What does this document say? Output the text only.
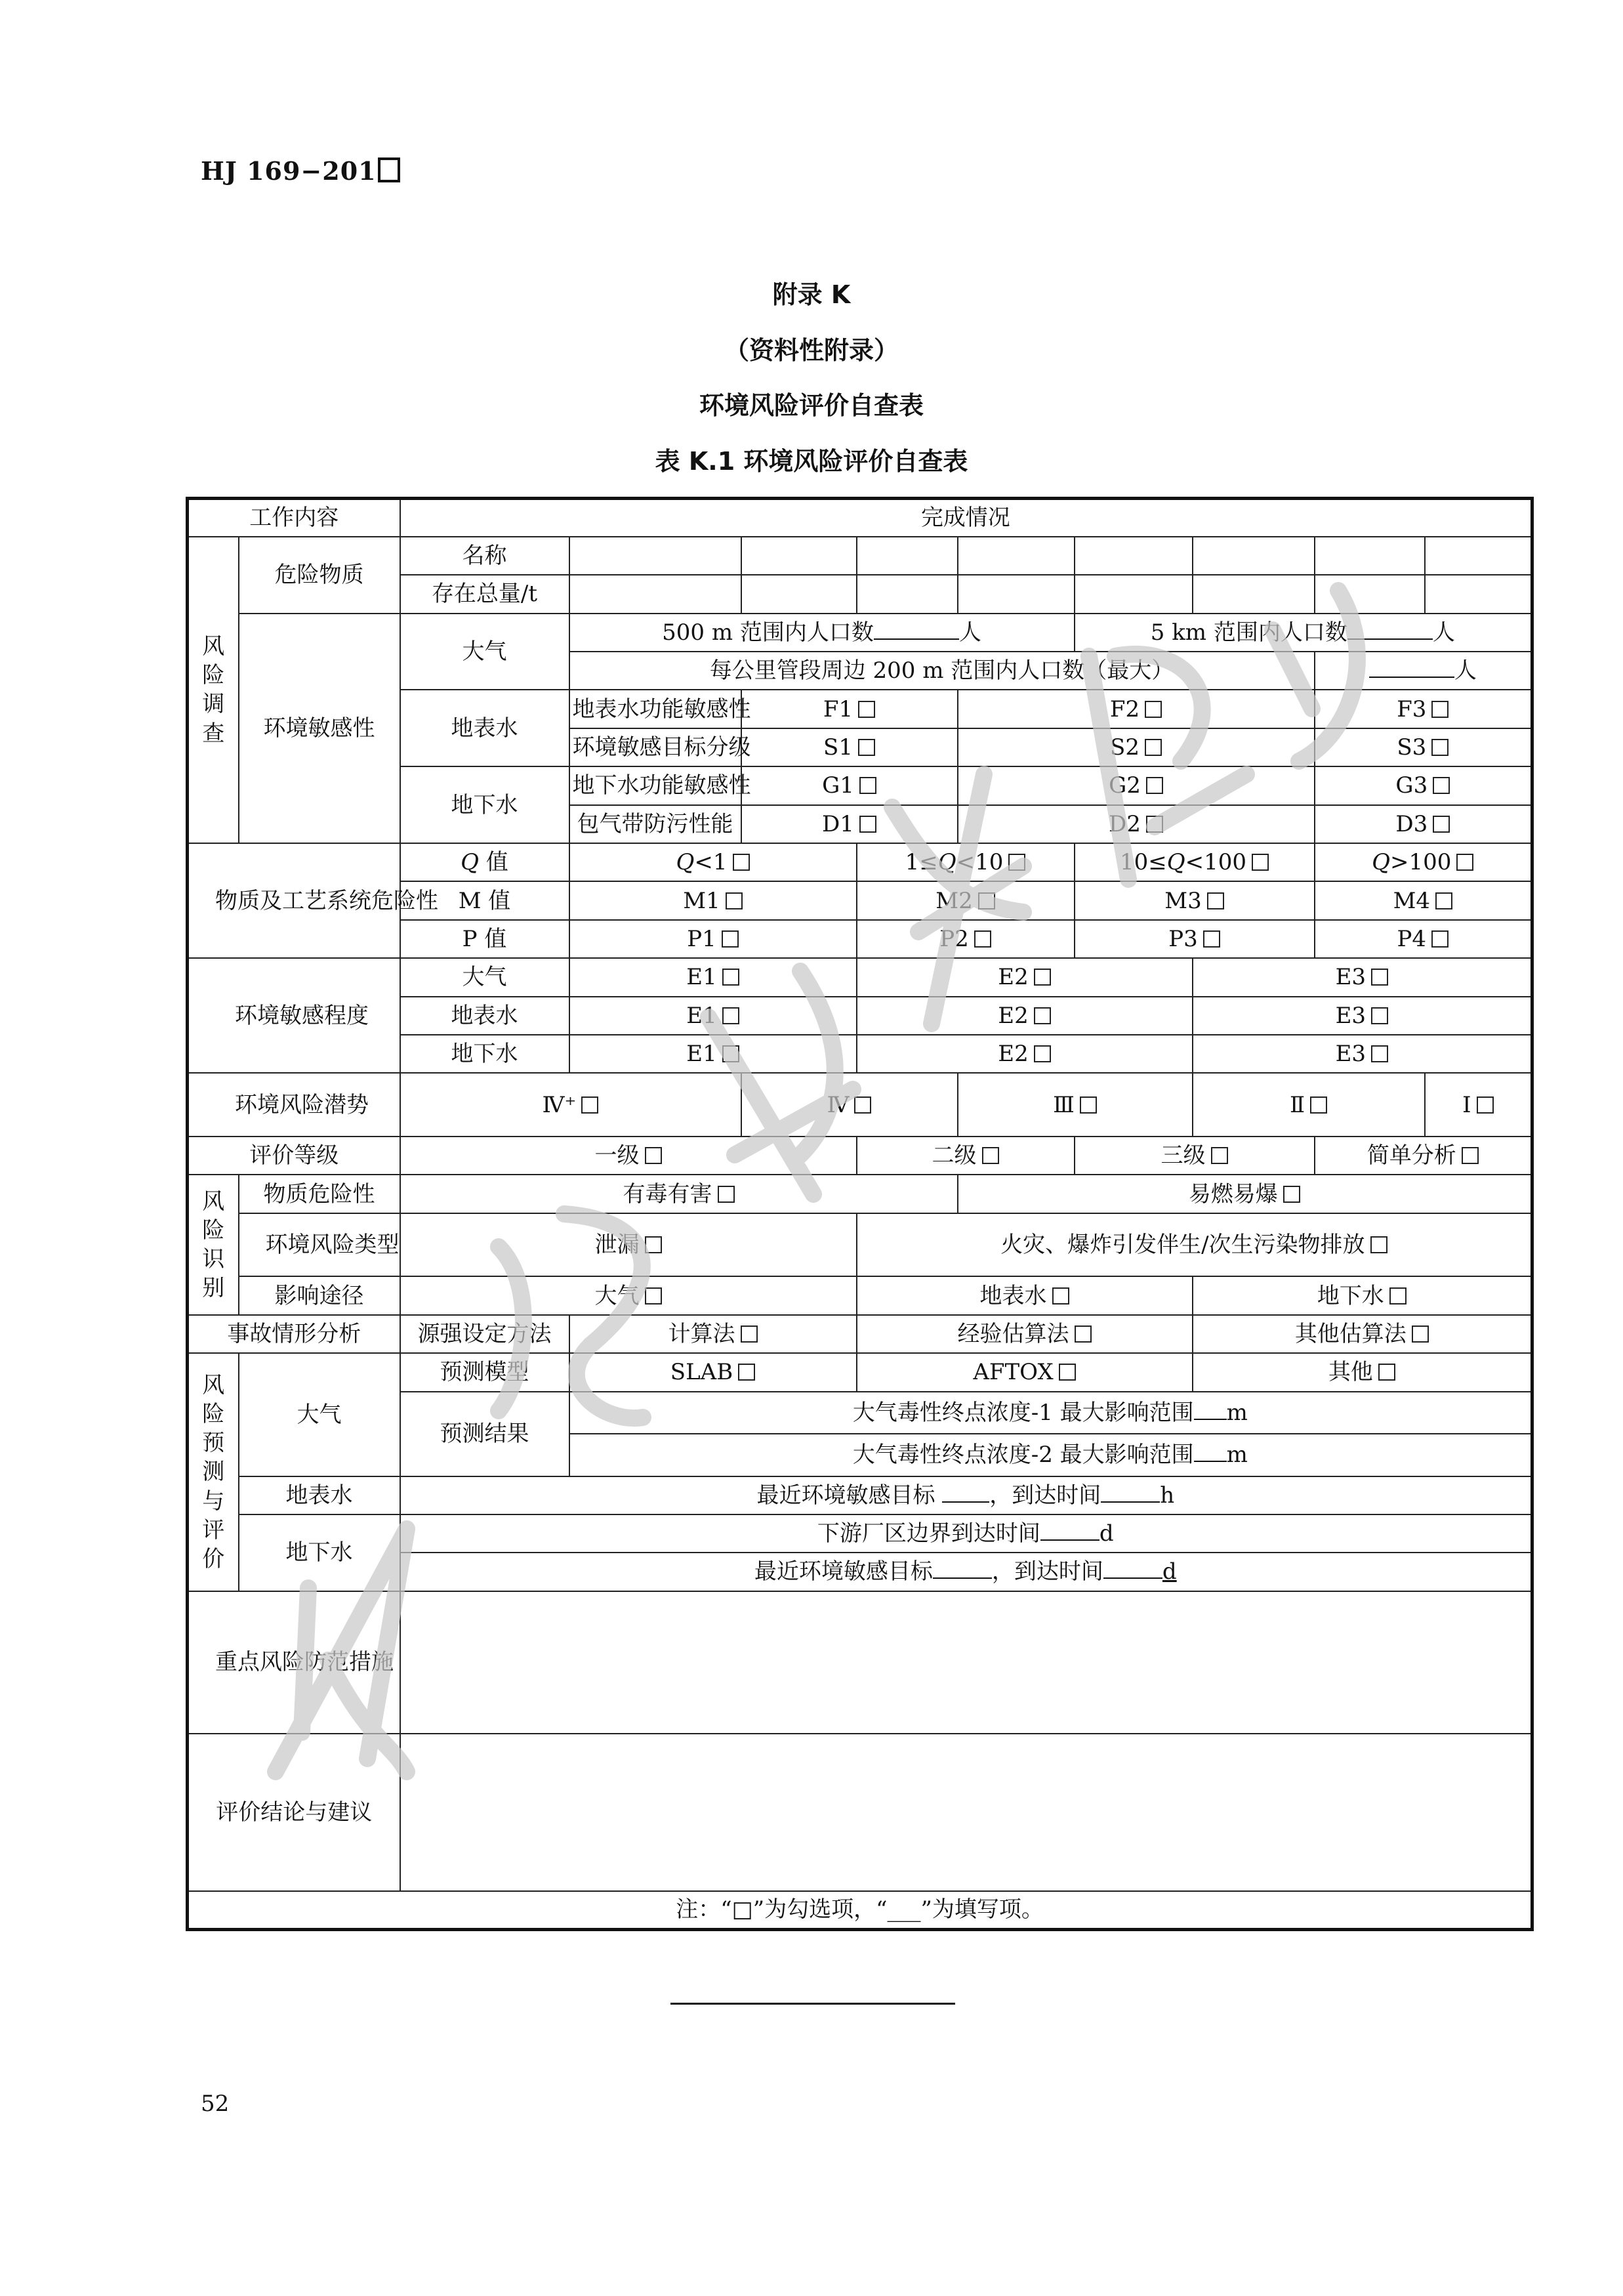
HJ 169−201
附录 K
（资料性附录）
环境风险评价自查表
表 K.1 环境风险评价自查表
工作内容		完成情况								

风险调查	危险物质	名称								
		存在总量/t								
	环境敏感性	大气	500 m 范围内人口数 人				5 km 范围内人口数 人			
			每公里管段周边 200 m 范围内人口数（最大）						人	
		地表水	地表水功能敏感性	F1		F2			F3	
			环境敏感目标分级	S1		S2			S3	
		地下水	地下水功能敏感性	G1		G2			G3	
			包气带防污性能	D1		D2			D3	
物质及工艺系统危险性		Q 值	Q<1		1≤Q<10		10≤Q<100		Q>100	
		M 值	M1		M2		M3		M4	
		P 值	P1		P2		P3		P4	
环境敏感程度		大气	E1		E2			E3		
		地表水	E1		E2			E3		
		地下水	E1		E2			E3		
环境风险潜势		Ⅳ⁺		Ⅳ		Ⅲ		Ⅱ		Ⅰ
评价等级		一级			二级		三级		简单分析	

风险识别	物质危险性	有毒有害				易燃易爆				
	环境风险类型	泄漏			火灾、爆炸引发伴生/次生污染物排放					
	影响途径	大气			地表水			地下水		
事故情形分析		源强设定方法	计算法		经验估算法			其他估算法		

风险预测与评价	大气	预测模型	SLAB		AFTOX			其他		
		预测结果	大气毒性终点浓度-1 最大影响范围 m							
			大气毒性终点浓度-2 最大影响范围 m							
	地表水	最近环境敏感目标 ，到达时间 h								
	地下水	下游厂区边界到达时间 d								
		最近环境敏感目标 ，到达时间 d								
重点风险防范措施										
评价结论与建议										
注：“□”为勾选项，“___”为填写项。										
52
